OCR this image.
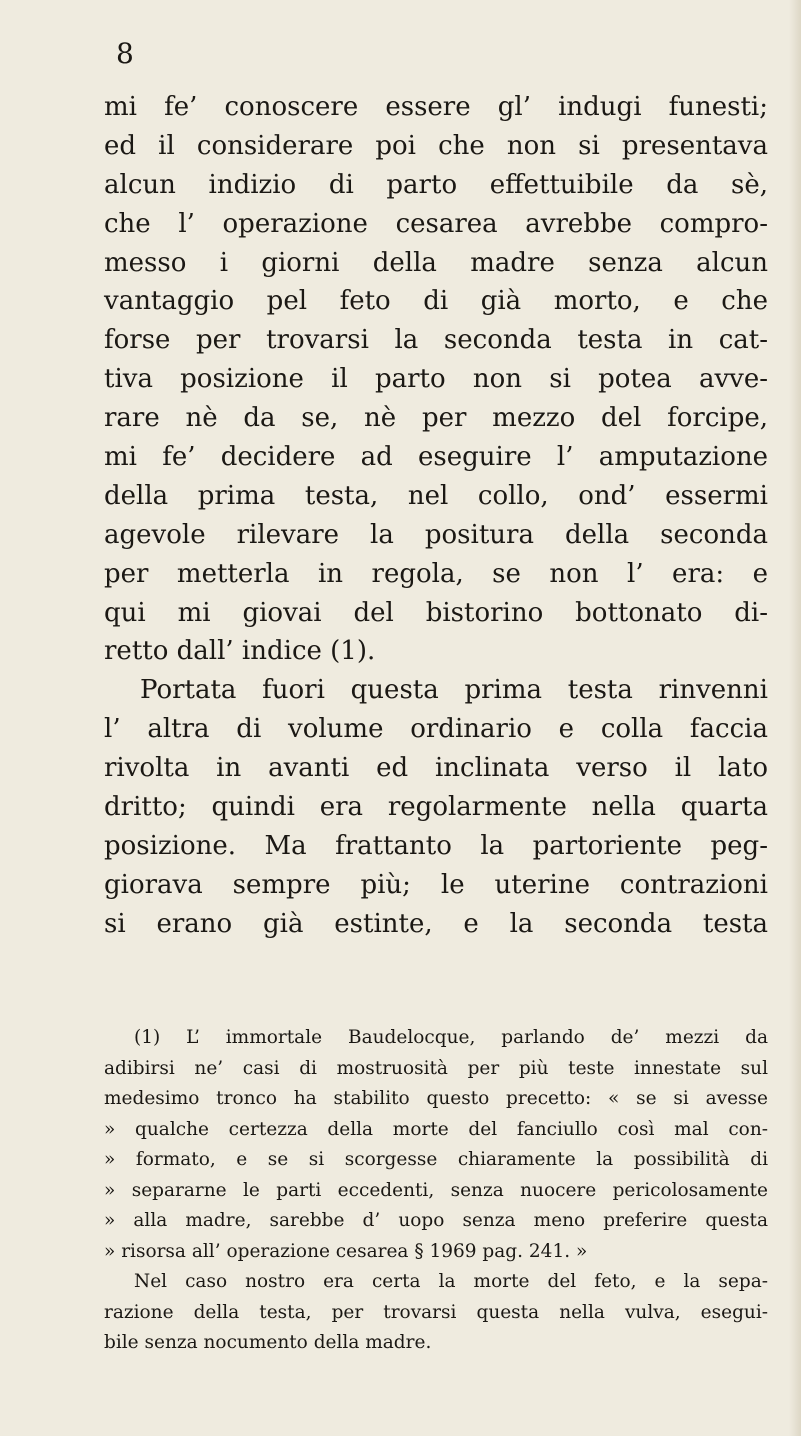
8
mi fe’ conoscere essere gl’ indugi funesti;
ed il considerare poi che non si presentava
alcun indizio di parto effettuibile da sè,
che l’ operazione cesarea avrebbe compro-
messo i giorni della madre senza alcun
vantaggio pel feto di già morto, e che
forse per trovarsi la seconda testa in cat-
tiva posizione il parto non si potea avve-
rare nè da se, nè per mezzo del forcipe,
mi fe’ decidere ad eseguire l’ amputazione
della prima testa, nel collo, ond’ essermi
agevole rilevare la positura della seconda
per metterla in regola, se non l’ era: e
qui mi giovai del bistorino bottonato di-
retto dall’ indice (1).
Portata fuori questa prima testa rinvenni
l’ altra di volume ordinario e colla faccia
rivolta in avanti ed inclinata verso il lato
dritto; quindi era regolarmente nella quarta
posizione. Ma frattanto la partoriente peg-
giorava sempre più; le uterine contrazioni
si erano già estinte, e la seconda testa
(1) L’ immortale Baudelocque, parlando de’ mezzi da
adibirsi ne’ casi di mostruosità per più teste innestate sul
medesimo tronco ha stabilito questo precetto: « se si avesse
» qualche certezza della morte del fanciullo così mal con-
» formato, e se si scorgesse chiaramente la possibilità di
» separarne le parti eccedenti, senza nuocere pericolosamente
» alla madre, sarebbe d’ uopo senza meno preferire questa
» risorsa all’ operazione cesarea § 1969 pag. 241. »
Nel caso nostro era certa la morte del feto, e la sepa-
razione della testa, per trovarsi questa nella vulva, esegui-
bile senza nocumento della madre.
